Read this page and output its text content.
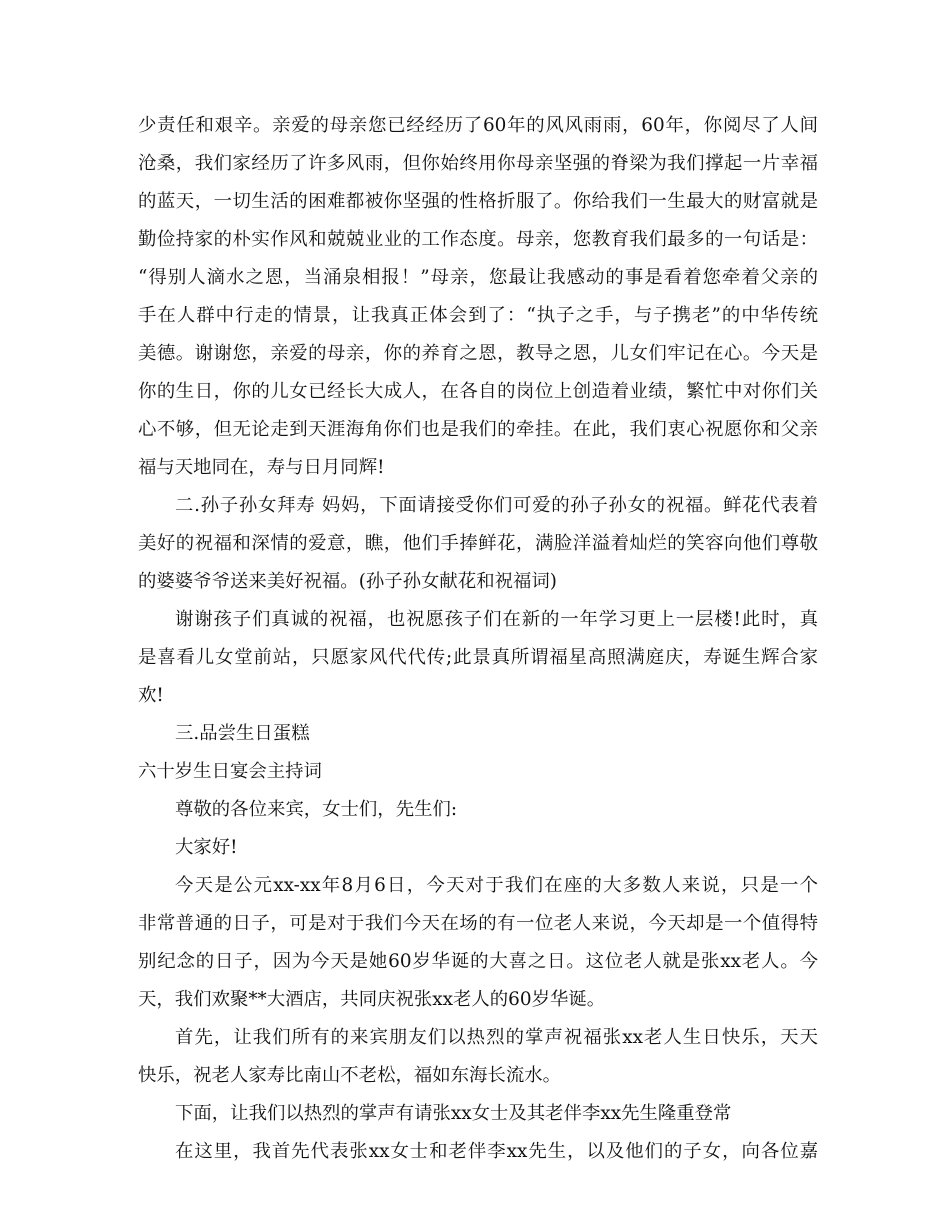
少责任和艰辛。亲爱的母亲您已经经历了60年的风风雨雨，60年，你阅尽了人间
沧桑，我们家经历了许多风雨，但你始终用你母亲坚强的脊梁为我们撑起一片幸福
的蓝天，一切生活的困难都被你坚强的性格折服了。你给我们一生最大的财富就是
勤俭持家的朴实作风和兢兢业业的工作态度。母亲，您教育我们最多的一句话是：
“得别人滴水之恩，当涌泉相报！”母亲，您最让我感动的事是看着您牵着父亲的
手在人群中行走的情景，让我真正体会到了：“执子之手，与子携老”的中华传统
美德。谢谢您，亲爱的母亲，你的养育之恩，教导之恩，儿女们牢记在心。今天是
你的生日，你的儿女已经长大成人，在各自的岗位上创造着业绩，繁忙中对你们关
心不够，但无论走到天涯海角你们也是我们的牵挂。在此，我们衷心祝愿你和父亲
福与天地同在，寿与日月同辉!
二.孙子孙女拜寿 妈妈，下面请接受你们可爱的孙子孙女的祝福。鲜花代表着
美好的祝福和深情的爱意，瞧，他们手捧鲜花，满脸洋溢着灿烂的笑容向他们尊敬
的婆婆爷爷送来美好祝福。(孙子孙女献花和祝福词)
谢谢孩子们真诚的祝福，也祝愿孩子们在新的一年学习更上一层楼!此时，真
是喜看儿女堂前站，只愿家风代代传;此景真所谓福星高照满庭庆，寿诞生辉合家
欢!
三.品尝生日蛋糕
六十岁生日宴会主持词
尊敬的各位来宾，女士们，先生们:
大家好!
今天是公元xx-xx年8月6日，今天对于我们在座的大多数人来说，只是一个
非常普通的日子，可是对于我们今天在场的有一位老人来说，今天却是一个值得特
别纪念的日子，因为今天是她60岁华诞的大喜之日。这位老人就是张xx老人。今
天，我们欢聚**大酒店，共同庆祝张xx老人的60岁华诞。
首先，让我们所有的来宾朋友们以热烈的掌声祝福张xx老人生日快乐，天天
快乐，祝老人家寿比南山不老松，福如东海长流水。
下面，让我们以热烈的掌声有请张xx女士及其老伴李xx先生隆重登常
在这里，我首先代表张xx女士和老伴李xx先生，以及他们的子女，向各位嘉
